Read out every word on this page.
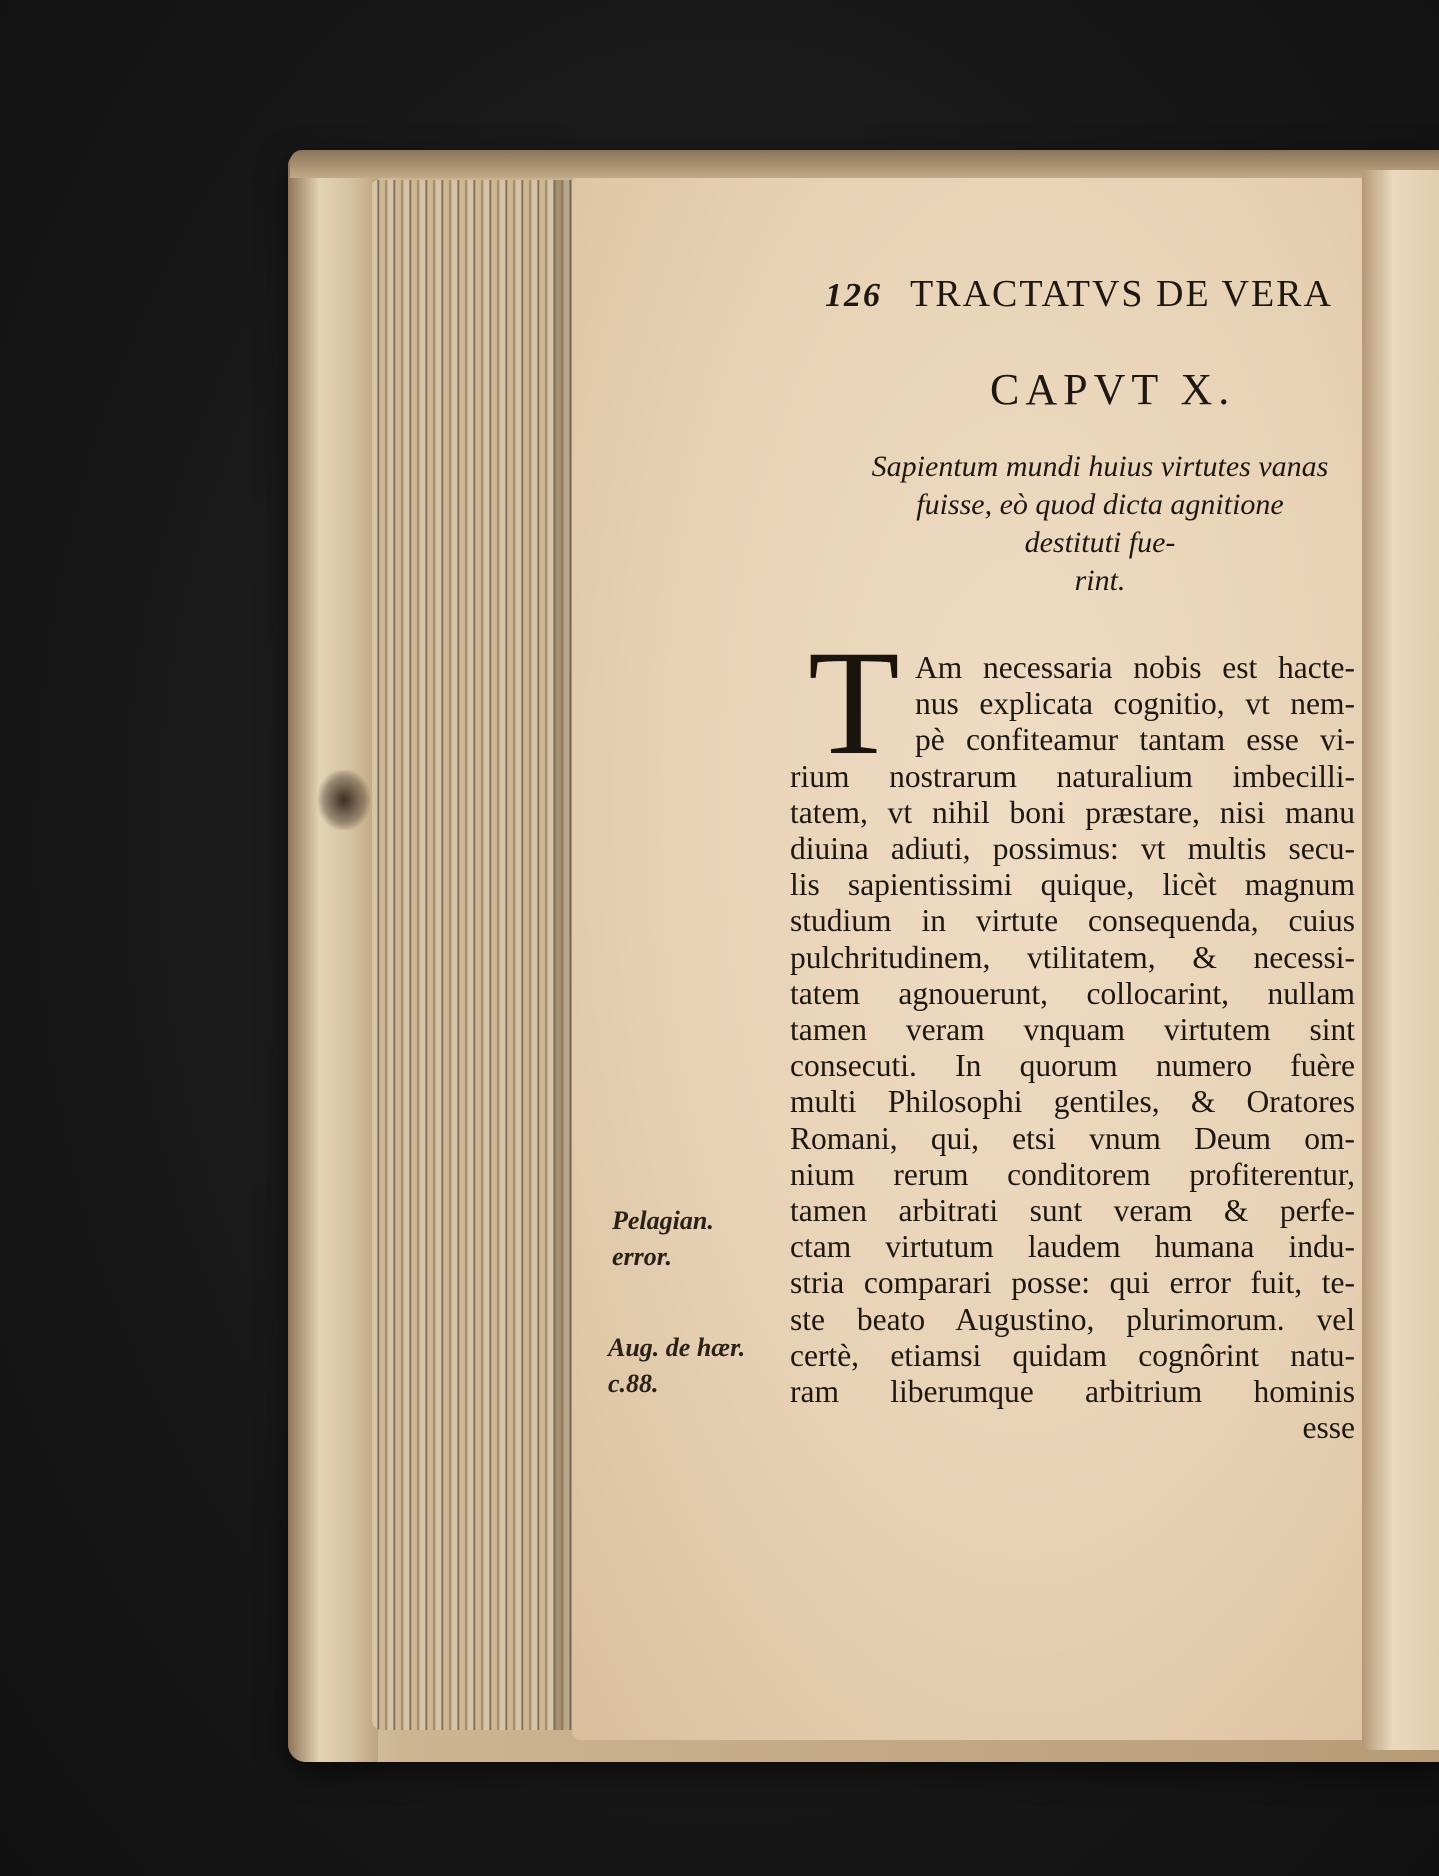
126 TRACTATVS DE VERA
CAPVT X.
Sapientum mundi huius virtutes vanas
fuisse, eò quod dicta agnitione
destituti fue-
rint.
T Am necessaria nobis est hacte-
nus explicata cognitio, vt nem-
pè confiteamur tantam esse vi-
rium nostrarum naturalium imbecilli-
tatem, vt nihil boni præstare, nisi manu
diuina adiuti, possimus: vt multis secu-
lis sapientissimi quique, licèt magnum
studium in virtute consequenda, cuius
pulchritudinem, vtilitatem, & necessi-
tatem agnouerunt, collocarint, nullam
tamen veram vnquam virtutem sint
consecuti. In quorum numero fuère
multi Philosophi gentiles, & Oratores
Romani, qui, etsi vnum Deum om-
nium rerum conditorem profiterentur,
tamen arbitrati sunt veram & perfe-
ctam virtutum laudem humana indu-
stria comparari posse: qui error fuit, te-
ste beato Augustino, plurimorum. vel
certè, etiamsi quidam cognôrint natu-
ram liberumque arbitrium hominis
esse
Pelagian.
error.
Aug. de hær.
c.88.
